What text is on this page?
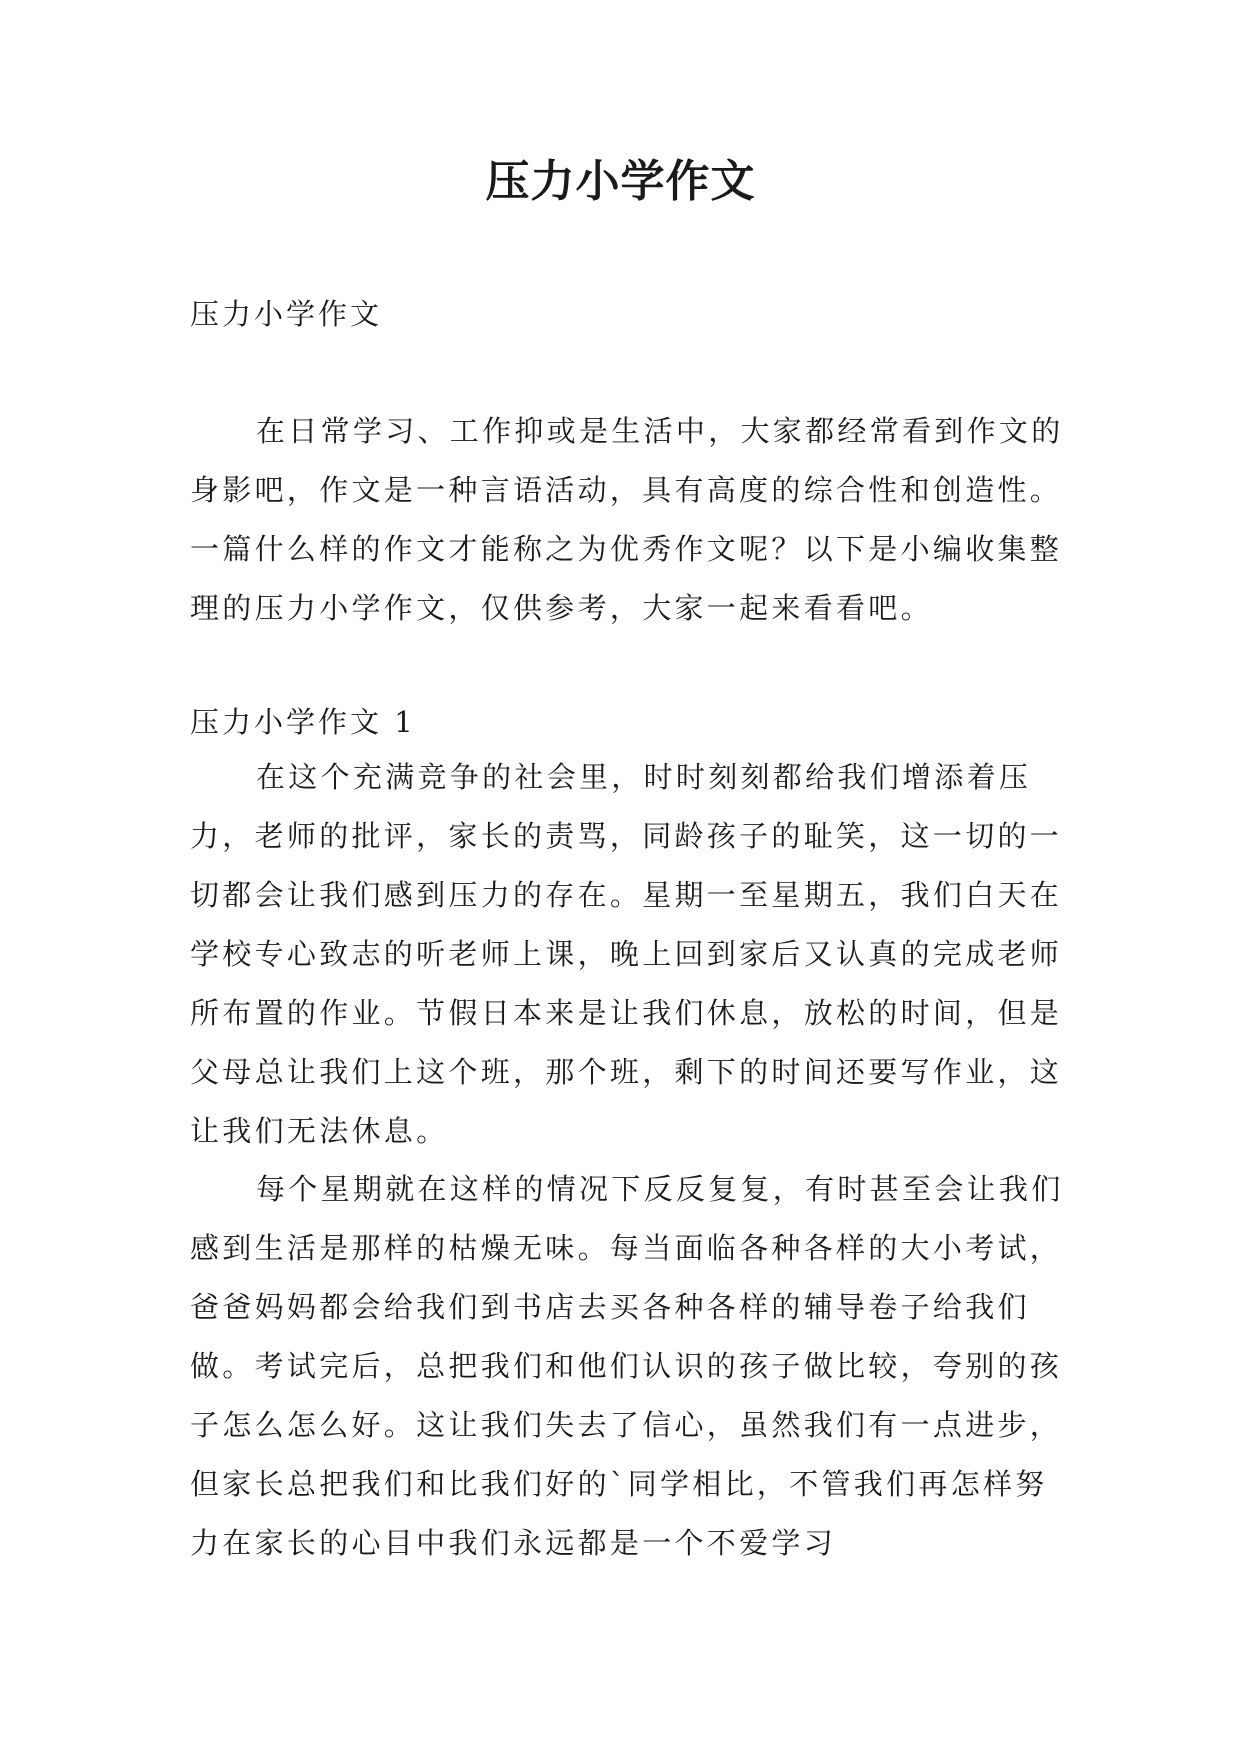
压力小学作文
压力小学作文

在日常学习、工作抑或是生活中，大家都经常看到作文的身影吧，作文是一种言语活动，具有高度的综合性和创造性。一篇什么样的作文才能称之为优秀作文呢？以下是小编收集整理的压力小学作文，仅供参考，大家一起来看看吧。

压力小学作文 1

在这个充满竞争的社会里，时时刻刻都给我们增添着压力，老师的批评，家长的责骂，同龄孩子的耻笑，这一切的一切都会让我们感到压力的存在。星期一至星期五，我们白天在学校专心致志的听老师上课，晚上回到家后又认真的完成老师所布置的作业。节假日本来是让我们休息，放松的时间，但是父母总让我们上这个班，那个班，剩下的时间还要写作业，这让我们无法休息。

每个星期就在这样的情况下反反复复，有时甚至会让我们感到生活是那样的枯燥无味。每当面临各种各样的大小考试，爸爸妈妈都会给我们到书店去买各种各样的辅导卷子给我们做。考试完后，总把我们和他们认识的孩子做比较，夸别的孩子怎么怎么好。这让我们失去了信心，虽然我们有一点进步，但家长总把我们和比我们好的`同学相比，不管我们再怎样努力在家长的心目中我们永远都是一个不爱学习
